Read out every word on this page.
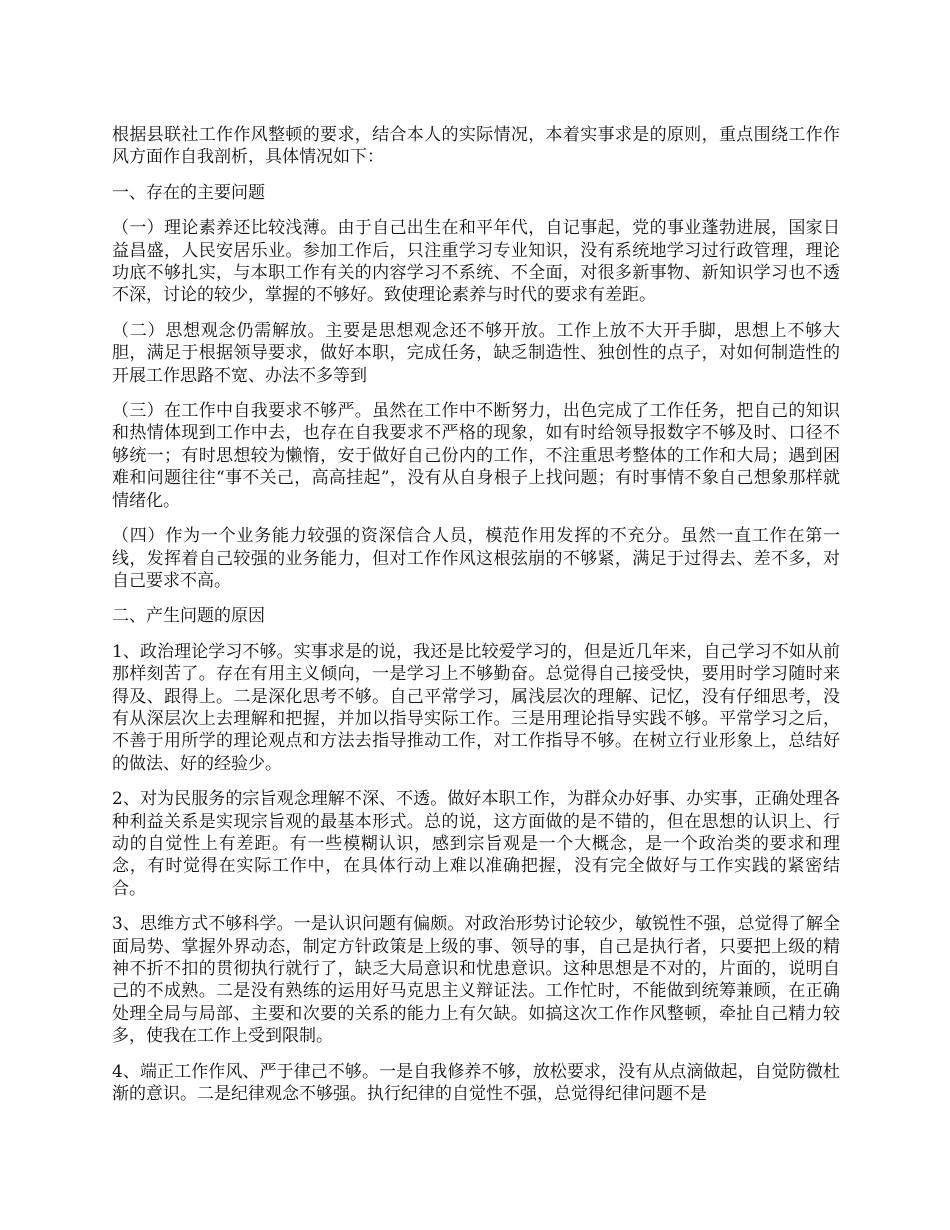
根据县联社工作作风整顿的要求，结合本人的实际情况，本着实事求是的原则，重点围绕工作作风方面作自我剖析，具体情况如下：

一、存在的主要问题

（一）理论素养还比较浅薄。由于自己出生在和平年代，自记事起，党的事业蓬勃进展，国家日益昌盛，人民安居乐业。参加工作后，只注重学习专业知识，没有系统地学习过行政管理，理论功底不够扎实，与本职工作有关的内容学习不系统、不全面，对很多新事物、新知识学习也不透不深，讨论的较少，掌握的不够好。致使理论素养与时代的要求有差距。

（二）思想观念仍需解放。主要是思想观念还不够开放。工作上放不大开手脚，思想上不够大胆，满足于根据领导要求，做好本职，完成任务，缺乏制造性、独创性的点子，对如何制造性的开展工作思路不宽、办法不多等到

（三）在工作中自我要求不够严。虽然在工作中不断努力，出色完成了工作任务，把自己的知识和热情体现到工作中去，也存在自我要求不严格的现象，如有时给领导报数字不够及时、口径不够统一；有时思想较为懒惰，安于做好自己份内的工作，不注重思考整体的工作和大局；遇到困难和问题往往“事不关己，高高挂起”，没有从自身根子上找问题；有时事情不象自己想象那样就情绪化。

（四）作为一个业务能力较强的资深信合人员，模范作用发挥的不充分。虽然一直工作在第一线，发挥着自己较强的业务能力，但对工作作风这根弦崩的不够紧，满足于过得去、差不多，对自己要求不高。

二、产生问题的原因

1、政治理论学习不够。实事求是的说，我还是比较爱学习的，但是近几年来，自己学习不如从前那样刻苦了。存在有用主义倾向，一是学习上不够勤奋。总觉得自己接受快，要用时学习随时来得及、跟得上。二是深化思考不够。自己平常学习，属浅层次的理解、记忆，没有仔细思考，没有从深层次上去理解和把握，并加以指导实际工作。三是用理论指导实践不够。平常学习之后，不善于用所学的理论观点和方法去指导推动工作，对工作指导不够。在树立行业形象上，总结好的做法、好的经验少。

2、对为民服务的宗旨观念理解不深、不透。做好本职工作，为群众办好事、办实事，正确处理各种利益关系是实现宗旨观的最基本形式。总的说，这方面做的是不错的，但在思想的认识上、行动的自觉性上有差距。有一些模糊认识，感到宗旨观是一个大概念，是一个政治类的要求和理念，有时觉得在实际工作中，在具体行动上难以准确把握，没有完全做好与工作实践的紧密结合。

3、思维方式不够科学。一是认识问题有偏颇。对政治形势讨论较少，敏锐性不强，总觉得了解全面局势、掌握外界动态，制定方针政策是上级的事、领导的事，自己是执行者，只要把上级的精神不折不扣的贯彻执行就行了，缺乏大局意识和忧患意识。这种思想是不对的，片面的，说明自己的不成熟。二是没有熟练的运用好马克思主义辩证法。工作忙时，不能做到统筹兼顾，在正确处理全局与局部、主要和次要的关系的能力上有欠缺。如搞这次工作作风整顿，牵扯自己精力较多，使我在工作上受到限制。

4、端正工作作风、严于律己不够。一是自我修养不够，放松要求，没有从点滴做起，自觉防微杜渐的意识。二是纪律观念不够强。执行纪律的自觉性不强，总觉得纪律问题不是
